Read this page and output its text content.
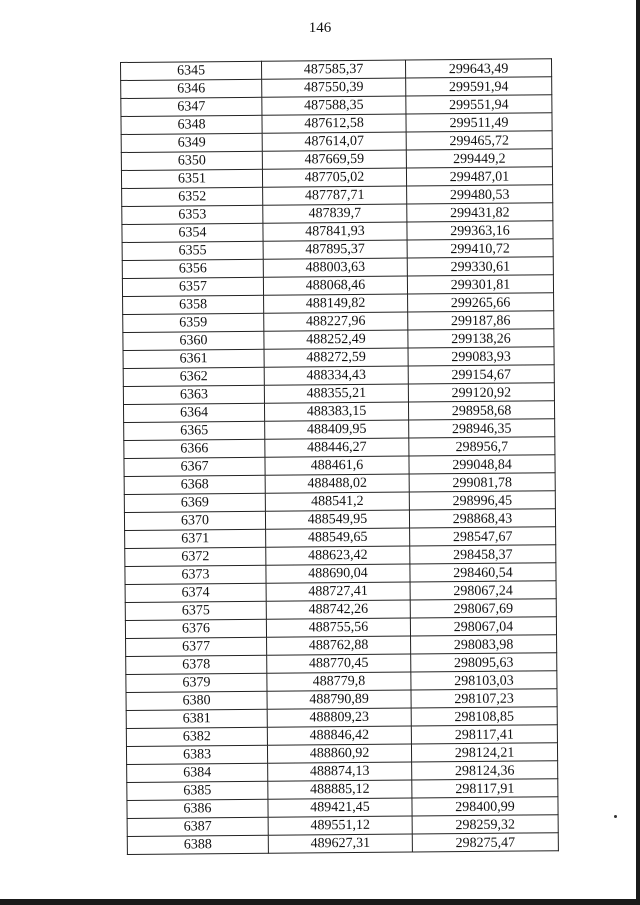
146
6345	487585,37	299643,49
6346	487550,39	299591,94
6347	487588,35	299551,94
6348	487612,58	299511,49
6349	487614,07	299465,72
6350	487669,59	299449,2
6351	487705,02	299487,01
6352	487787,71	299480,53
6353	487839,7	299431,82
6354	487841,93	299363,16
6355	487895,37	299410,72
6356	488003,63	299330,61
6357	488068,46	299301,81
6358	488149,82	299265,66
6359	488227,96	299187,86
6360	488252,49	299138,26
6361	488272,59	299083,93
6362	488334,43	299154,67
6363	488355,21	299120,92
6364	488383,15	298958,68
6365	488409,95	298946,35
6366	488446,27	298956,7
6367	488461,6	299048,84
6368	488488,02	299081,78
6369	488541,2	298996,45
6370	488549,95	298868,43
6371	488549,65	298547,67
6372	488623,42	298458,37
6373	488690,04	298460,54
6374	488727,41	298067,24
6375	488742,26	298067,69
6376	488755,56	298067,04
6377	488762,88	298083,98
6378	488770,45	298095,63
6379	488779,8	298103,03
6380	488790,89	298107,23
6381	488809,23	298108,85
6382	488846,42	298117,41
6383	488860,92	298124,21
6384	488874,13	298124,36
6385	488885,12	298117,91
6386	489421,45	298400,99
6387	489551,12	298259,32
6388	489627,31	298275,47
